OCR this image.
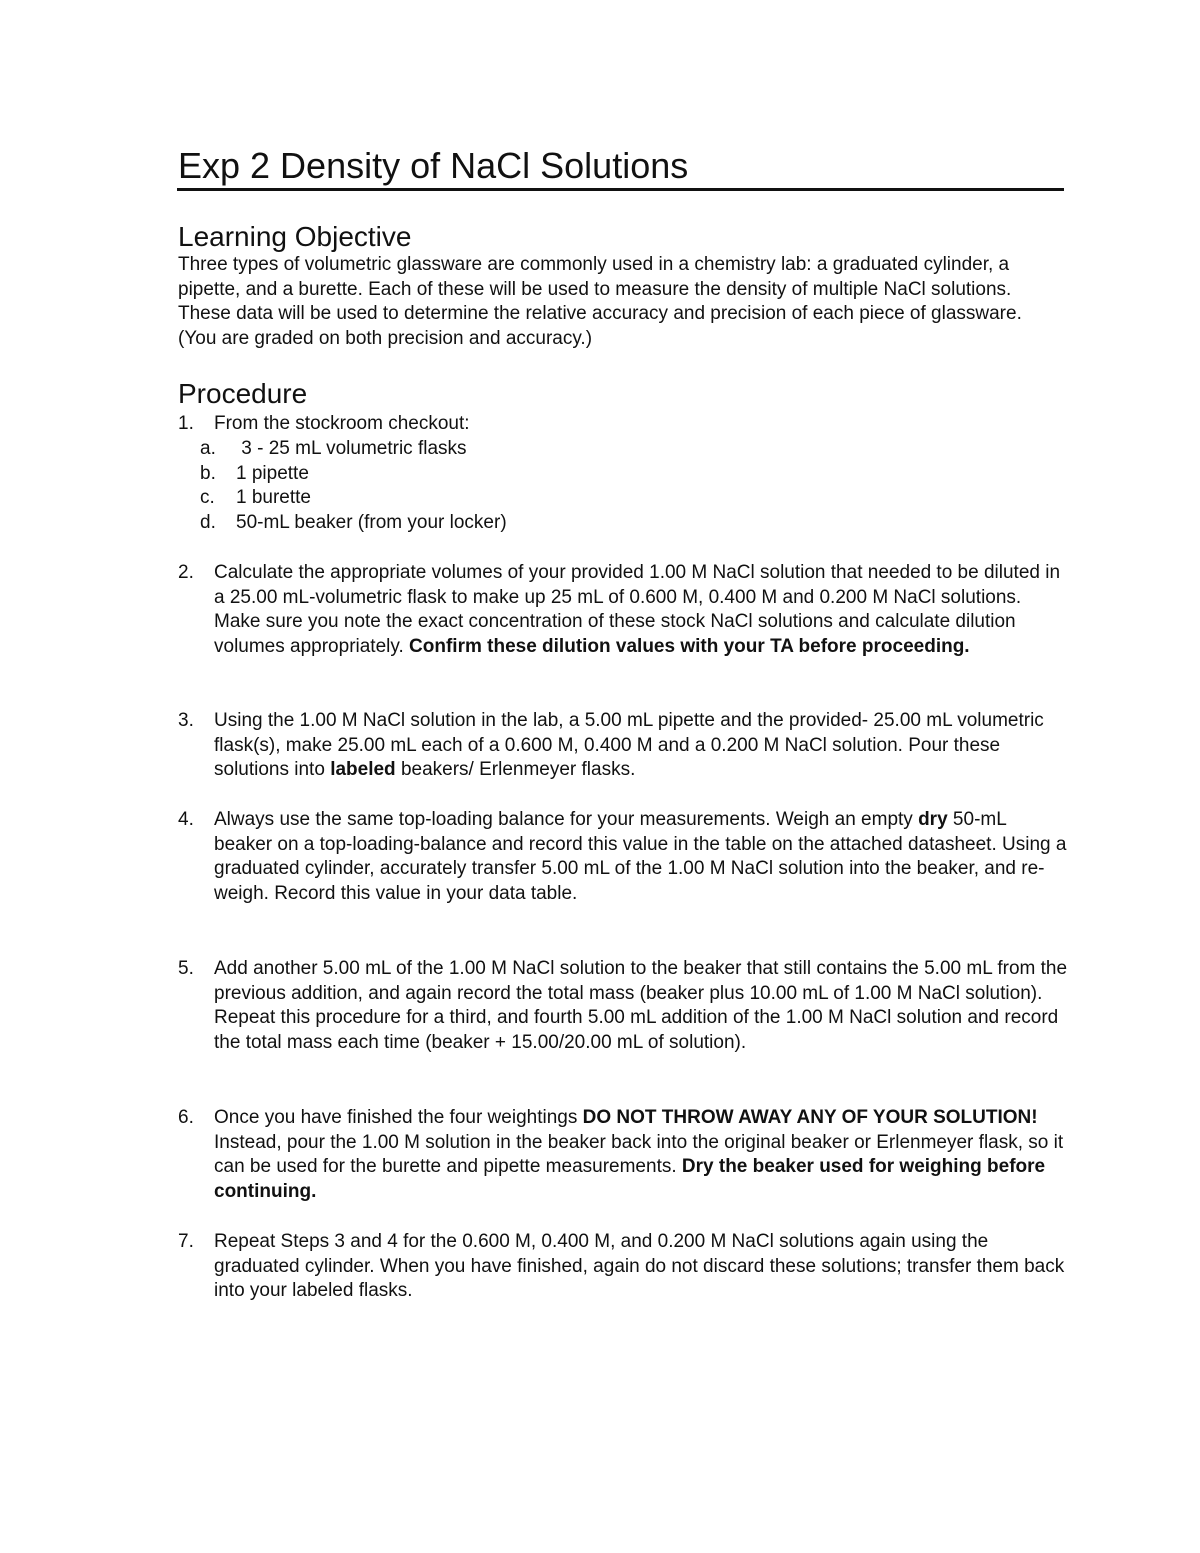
Exp 2 Density of NaCl Solutions
Learning Objective

Three types of volumetric glassware are commonly used in a chemistry lab: a graduated cylinder, a pipette, and a burette. Each of these will be used to measure the density of multiple NaCl solutions. These data will be used to determine the relative accuracy and precision of each piece of glassware. (You are graded on both precision and accuracy.)

Procedure
1. From the stockroom checkout:
a. 3 - 25 mL volumetric flasks
b. 1 pipette
c. 1 burette
d. 50-mL beaker (from your locker)
2. Calculate the appropriate volumes of your provided 1.00 M NaCl solution that needed to be diluted in a 25.00 mL-volumetric flask to make up 25 mL of 0.600 M, 0.400 M and 0.200 M NaCl solutions. Make sure you note the exact concentration of these stock NaCl solutions and calculate dilution volumes appropriately. Confirm these dilution values with your TA before proceeding.
3. Using the 1.00 M NaCl solution in the lab, a 5.00 mL pipette and the provided- 25.00 mL volumetric flask(s), make 25.00 mL each of a 0.600 M, 0.400 M and a 0.200 M NaCl solution. Pour these solutions into labeled beakers/ Erlenmeyer flasks.
4. Always use the same top-loading balance for your measurements. Weigh an empty dry 50-mL beaker on a top-loading-balance and record this value in the table on the attached datasheet. Using a graduated cylinder, accurately transfer 5.00 mL of the 1.00 M NaCl solution into the beaker, and re-weigh. Record this value in your data table.
5. Add another 5.00 mL of the 1.00 M NaCl solution to the beaker that still contains the 5.00 mL from the previous addition, and again record the total mass (beaker plus 10.00 mL of 1.00 M NaCl solution). Repeat this procedure for a third, and fourth 5.00 mL addition of the 1.00 M NaCl solution and record the total mass each time (beaker + 15.00/20.00 mL of solution).
6. Once you have finished the four weightings DO NOT THROW AWAY ANY OF YOUR SOLUTION! Instead, pour the 1.00 M solution in the beaker back into the original beaker or Erlenmeyer flask, so it can be used for the burette and pipette measurements. Dry the beaker used for weighing before continuing.
7. Repeat Steps 3 and 4 for the 0.600 M, 0.400 M, and 0.200 M NaCl solutions again using the graduated cylinder. When you have finished, again do not discard these solutions; transfer them back into your labeled flasks.
